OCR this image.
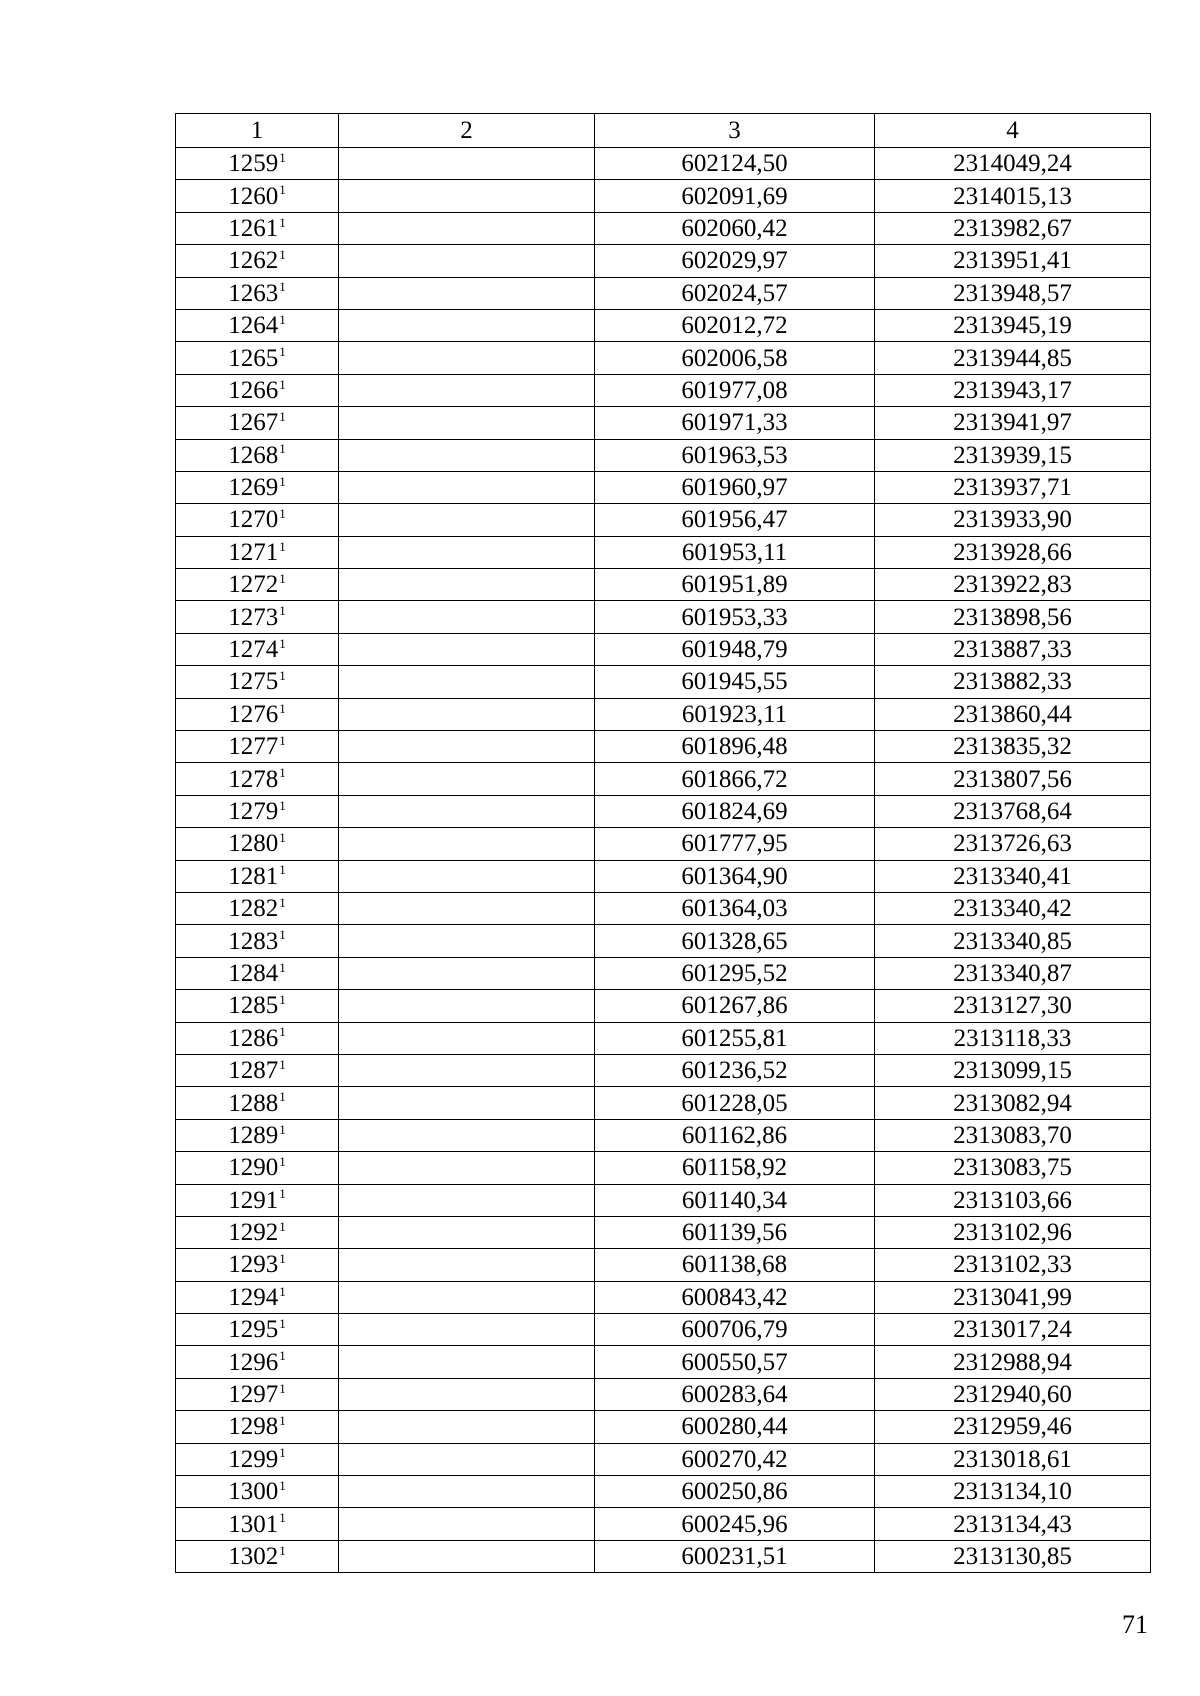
1	2	3	4
1259$^1$		602124,50	2314049,24
1260$^1$		602091,69	2314015,13
1261$^1$		602060,42	2313982,67
1262$^1$		602029,97	2313951,41
1263$^1$		602024,57	2313948,57
1264$^1$		602012,72	2313945,19
1265$^1$		602006,58	2313944,85
1266$^1$		601977,08	2313943,17
1267$^1$		601971,33	2313941,97
1268$^1$		601963,53	2313939,15
1269$^1$		601960,97	2313937,71
1270$^1$		601956,47	2313933,90
1271$^1$		601953,11	2313928,66
1272$^1$		601951,89	2313922,83
1273$^1$		601953,33	2313898,56
1274$^1$		601948,79	2313887,33
1275$^1$		601945,55	2313882,33
1276$^1$		601923,11	2313860,44
1277$^1$		601896,48	2313835,32
1278$^1$		601866,72	2313807,56
1279$^1$		601824,69	2313768,64
1280$^1$		601777,95	2313726,63
1281$^1$		601364,90	2313340,41
1282$^1$		601364,03	2313340,42
1283$^1$		601328,65	2313340,85
1284$^1$		601295,52	2313340,87
1285$^1$		601267,86	2313127,30
1286$^1$		601255,81	2313118,33
1287$^1$		601236,52	2313099,15
1288$^1$		601228,05	2313082,94
1289$^1$		601162,86	2313083,70
1290$^1$		601158,92	2313083,75
1291$^1$		601140,34	2313103,66
1292$^1$		601139,56	2313102,96
1293$^1$		601138,68	2313102,33
1294$^1$		600843,42	2313041,99
1295$^1$		600706,79	2313017,24
1296$^1$		600550,57	2312988,94
1297$^1$		600283,64	2312940,60
1298$^1$		600280,44	2312959,46
1299$^1$		600270,42	2313018,61
1300$^1$		600250,86	2313134,10
1301$^1$		600245,96	2313134,43
1302$^1$		600231,51	2313130,85
71
